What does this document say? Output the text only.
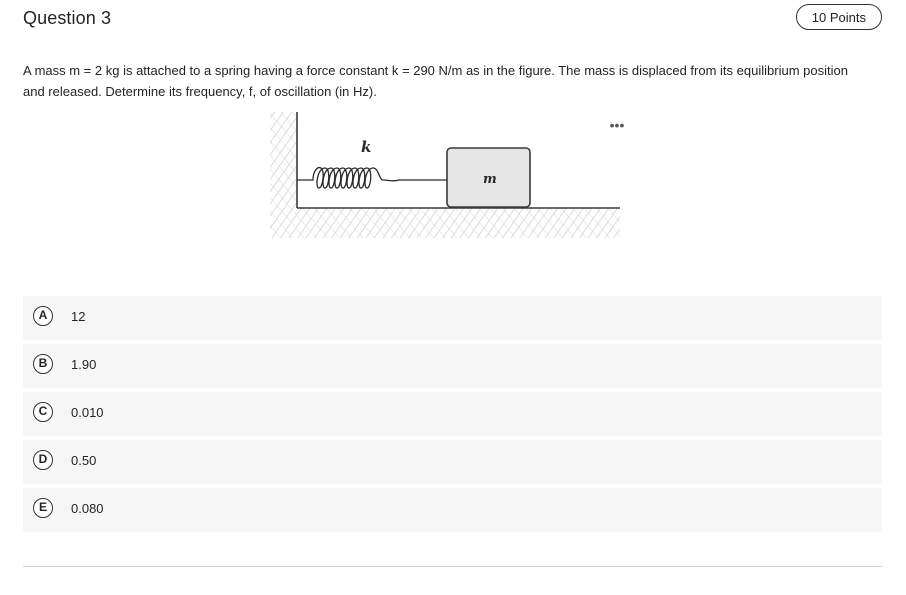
Question 3	10 Points
A mass m = 2 kg is attached to a spring having a force constant k = 290 N/m as in the figure. The mass is displaced from its equilibrium position and released. Determine its frequency, f, of oscillation (in Hz).
k
m
•••
A	12
B	1.90
C	0.010
D	0.50
E	0.080
